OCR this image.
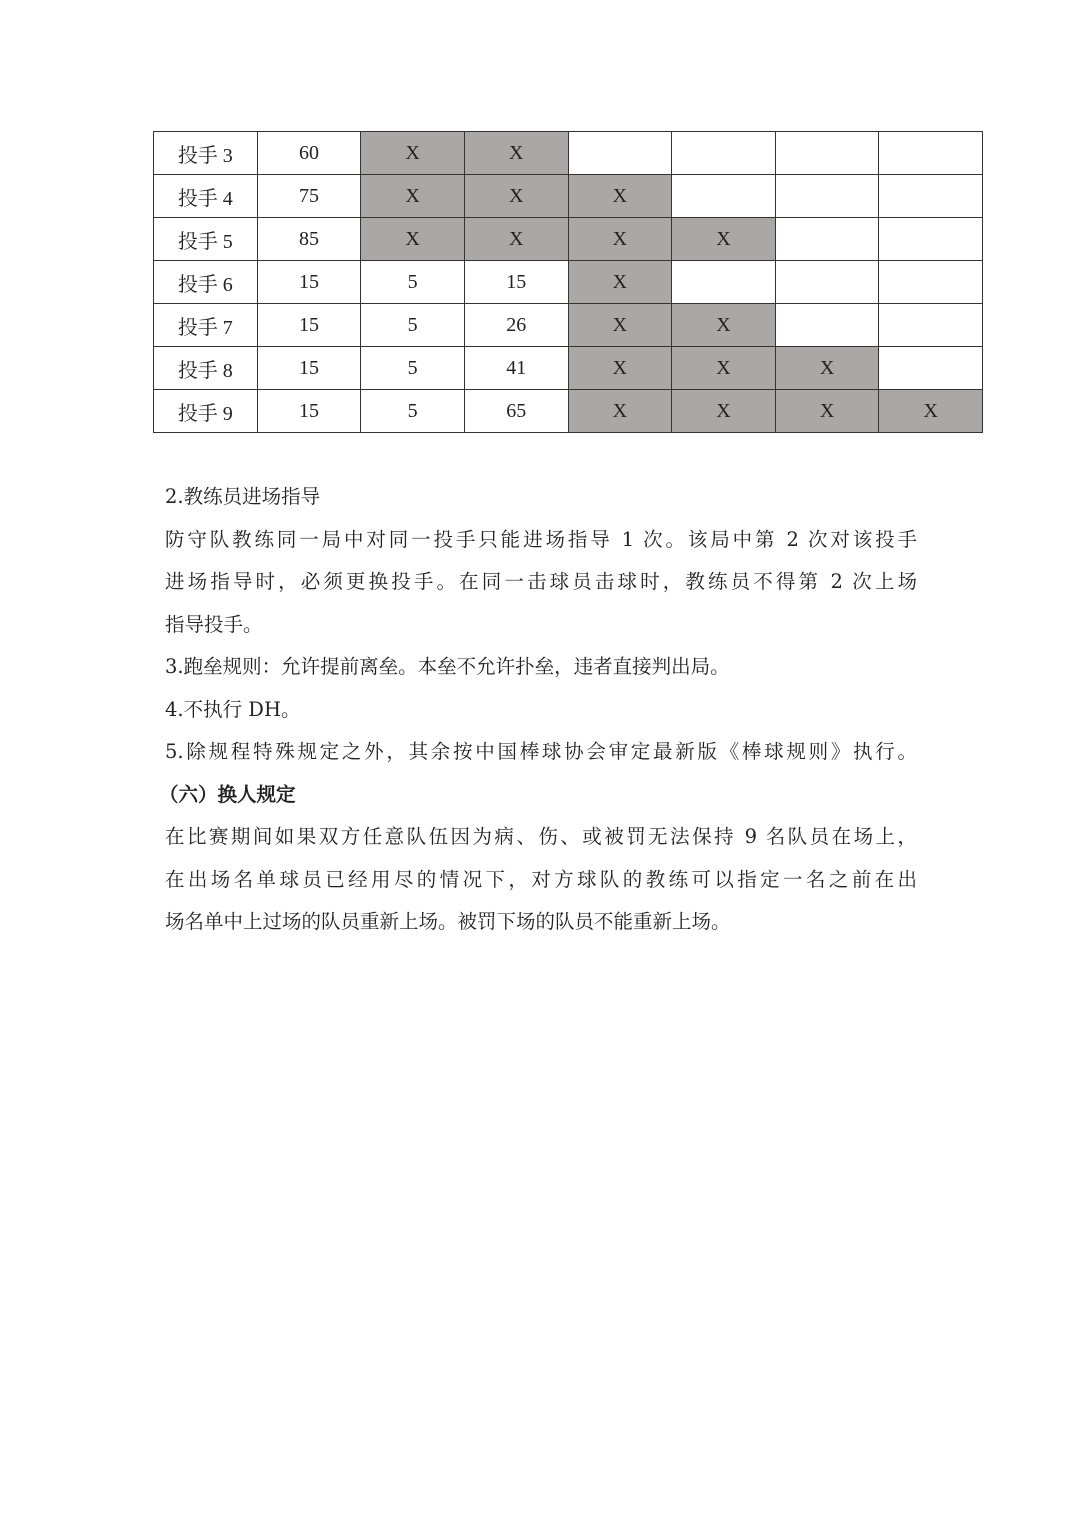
投手 3	60	X	X				
投手 4	75	X	X	X			
投手 5	85	X	X	X	X		
投手 6	15	5	15	X			
投手 7	15	5	26	X	X		
投手 8	15	5	41	X	X	X	
投手 9	15	5	65	X	X	X	X
2.教练员进场指导
防守队教练同一局中对同一投手只能进场指导 1 次。该局中第 2 次对该投手
进场指导时，必须更换投手。在同一击球员击球时，教练员不得第 2 次上场
指导投手。
3.跑垒规则：允许提前离垒。本垒不允许扑垒，违者直接判出局。
4.不执行 DH。
5.除规程特殊规定之外，其余按中国棒球协会审定最新版《棒球规则》执行。
（六）换人规定
在比赛期间如果双方任意队伍因为病、伤、或被罚无法保持 9 名队员在场上，
在出场名单球员已经用尽的情况下，对方球队的教练可以指定一名之前在出
场名单中上过场的队员重新上场。被罚下场的队员不能重新上场。
